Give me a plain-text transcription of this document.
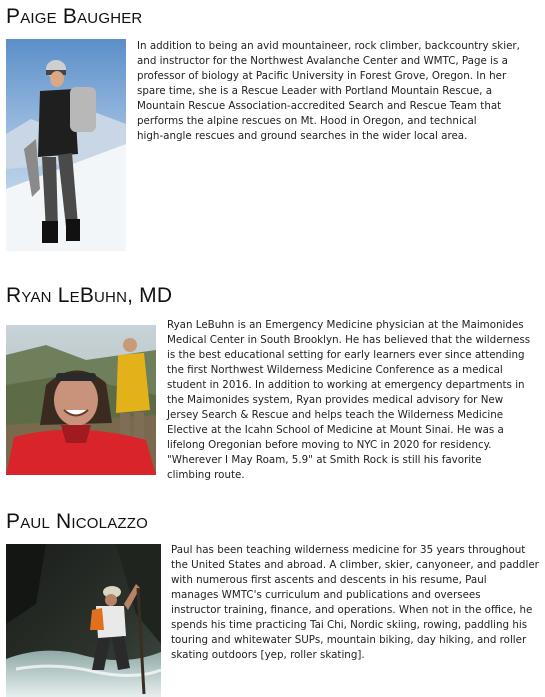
Paige Baugher

In addition to being an avid mountaineer, rock climber, backcountry skier,
and instructor for the Northwest Avalanche Center and WMTC, Page is a
professor of biology at Pacific University in Forest Grove, Oregon. In her
spare time, she is a Rescue Leader with Portland Mountain Rescue, a
Mountain Rescue Association-accredited Search and Rescue Team that
performs the alpine rescues on Mt. Hood in Oregon, and technical
high-angle rescues and ground searches in the wider local area.

Ryan LeBuhn, MD

Ryan LeBuhn is an Emergency Medicine physician at the Maimonides
Medical Center in South Brooklyn. He has believed that the wilderness
is the best educational setting for early learners ever since attending
the first Northwest Wilderness Medicine Conference as a medical
student in 2016. In addition to working at emergency departments in
the Maimonides system, Ryan provides medical advisory for New
Jersey Search & Rescue and helps teach the Wilderness Medicine
Elective at the Icahn School of Medicine at Mount Sinai. He was a
lifelong Oregonian before moving to NYC in 2020 for residency.
"Wherever I May Roam, 5.9" at Smith Rock is still his favorite
climbing route.

Paul Nicolazzo

Paul has been teaching wilderness medicine for 35 years throughout
the United States and abroad. A climber, skier, canyoneer, and paddler
with numerous first ascents and descents in his resume, Paul
manages WMTC's curriculum and publications and oversees
instructor training, finance, and operations. When not in the office, he
spends his time practicing Tai Chi, Nordic skiing, rowing, paddling his
touring and whitewater SUPs, mountain biking, day hiking, and roller
skating outdoors [yep, roller skating].
